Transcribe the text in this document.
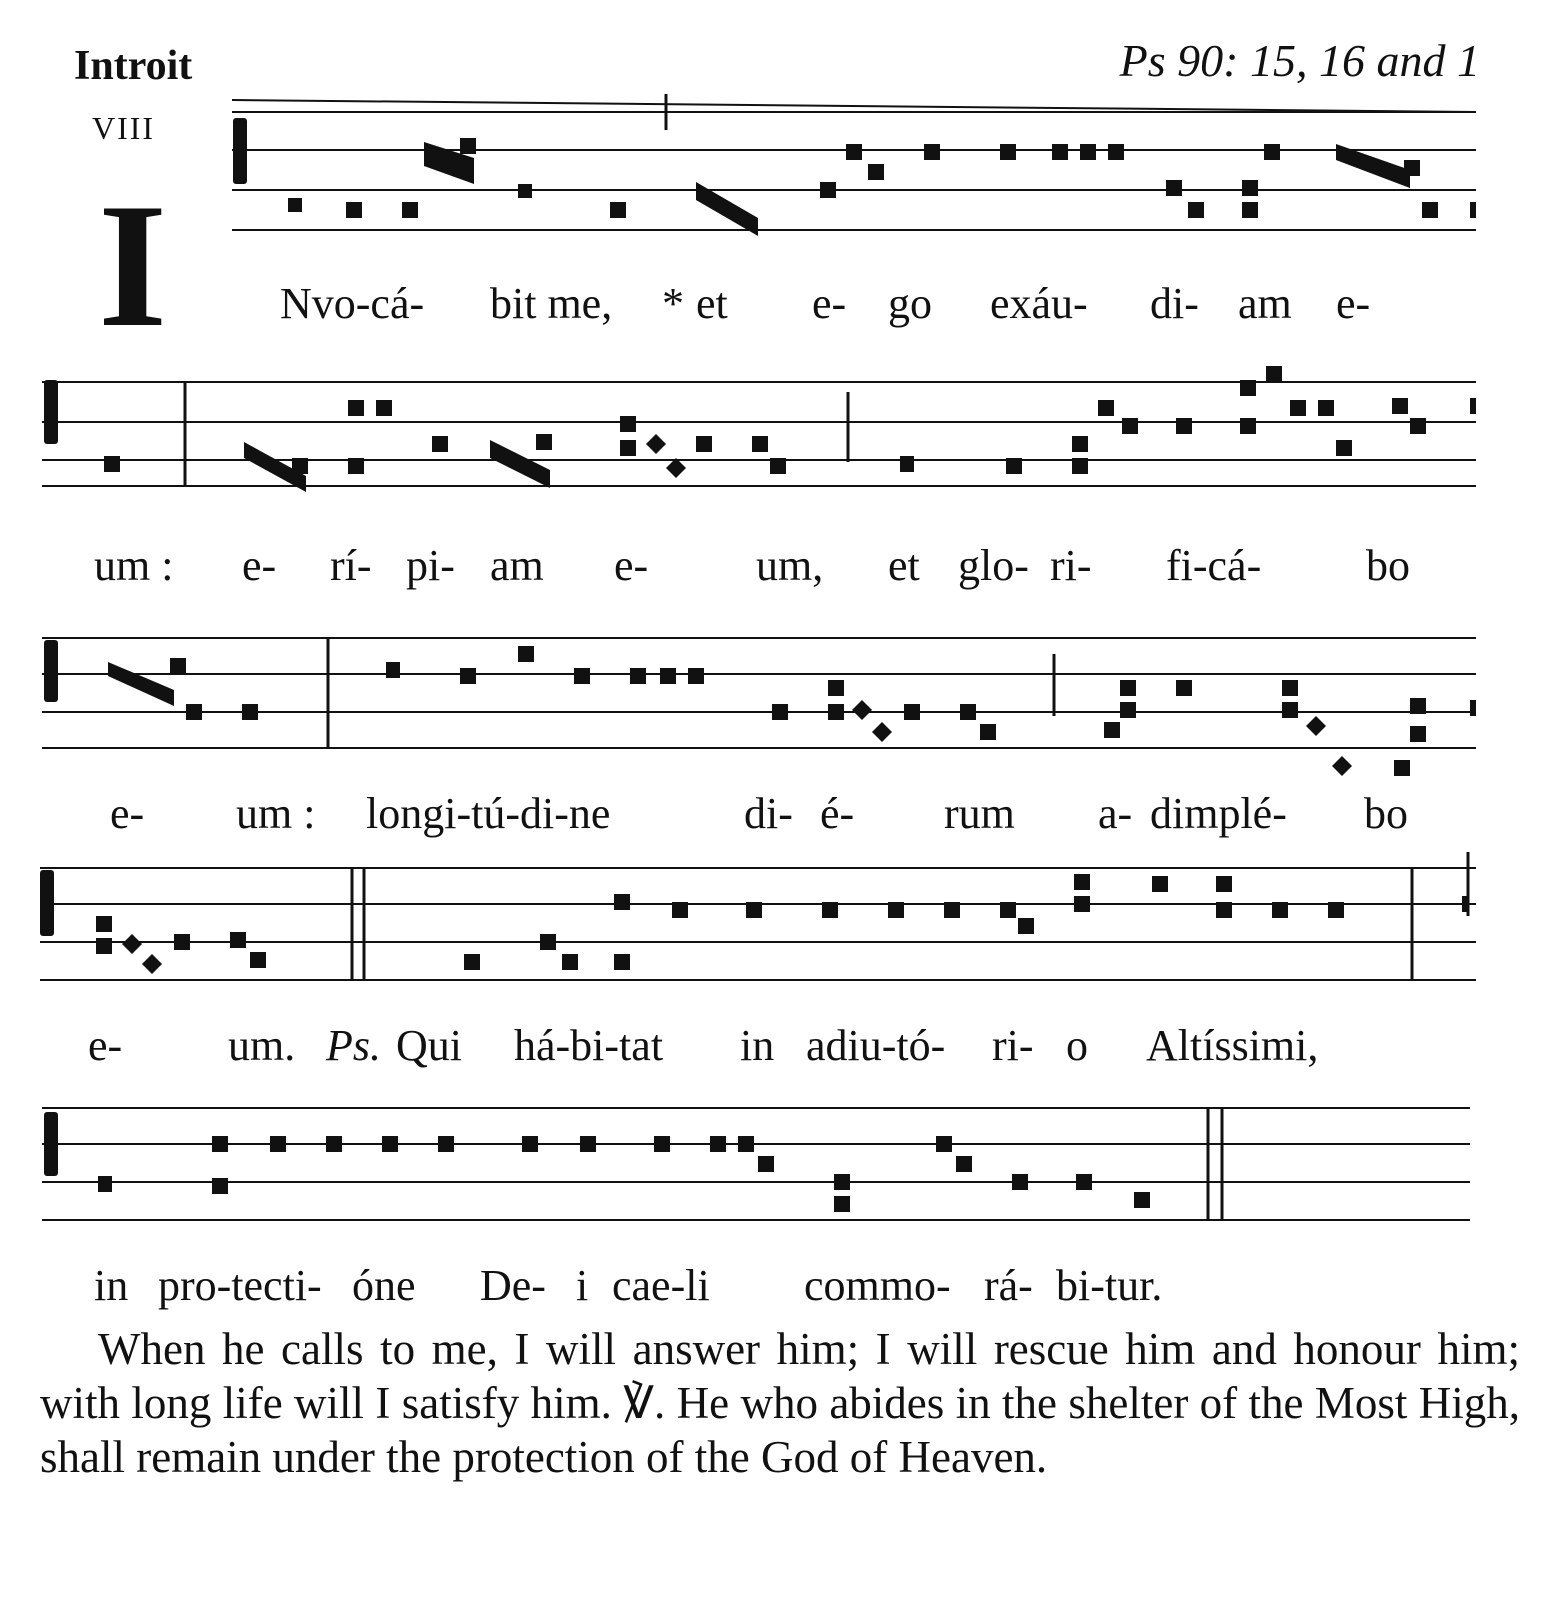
Introit
VIII
Ps 90: 15, 16 and 1
I	Nvo-cá- bit me, * et e- go exáu- di- am e-
um : e- rí- pi- am e- um, et glo- ri- fi-cá- bo
e- um : longi-tú-di-ne	di- é- rum a- dimplé- bo
e- um. Ps. Qui há-bi-tat in adiu-tó- ri- o Altíssimi,
in pro-tecti- óne De- i cae-li commo- rá- bi-tur.

When he calls to me, I will answer him; I will rescue him and honour him; with long life will I satisfy him. ℣. He who abides in the shelter of the Most High, shall remain under the protection of the God of Heaven.
